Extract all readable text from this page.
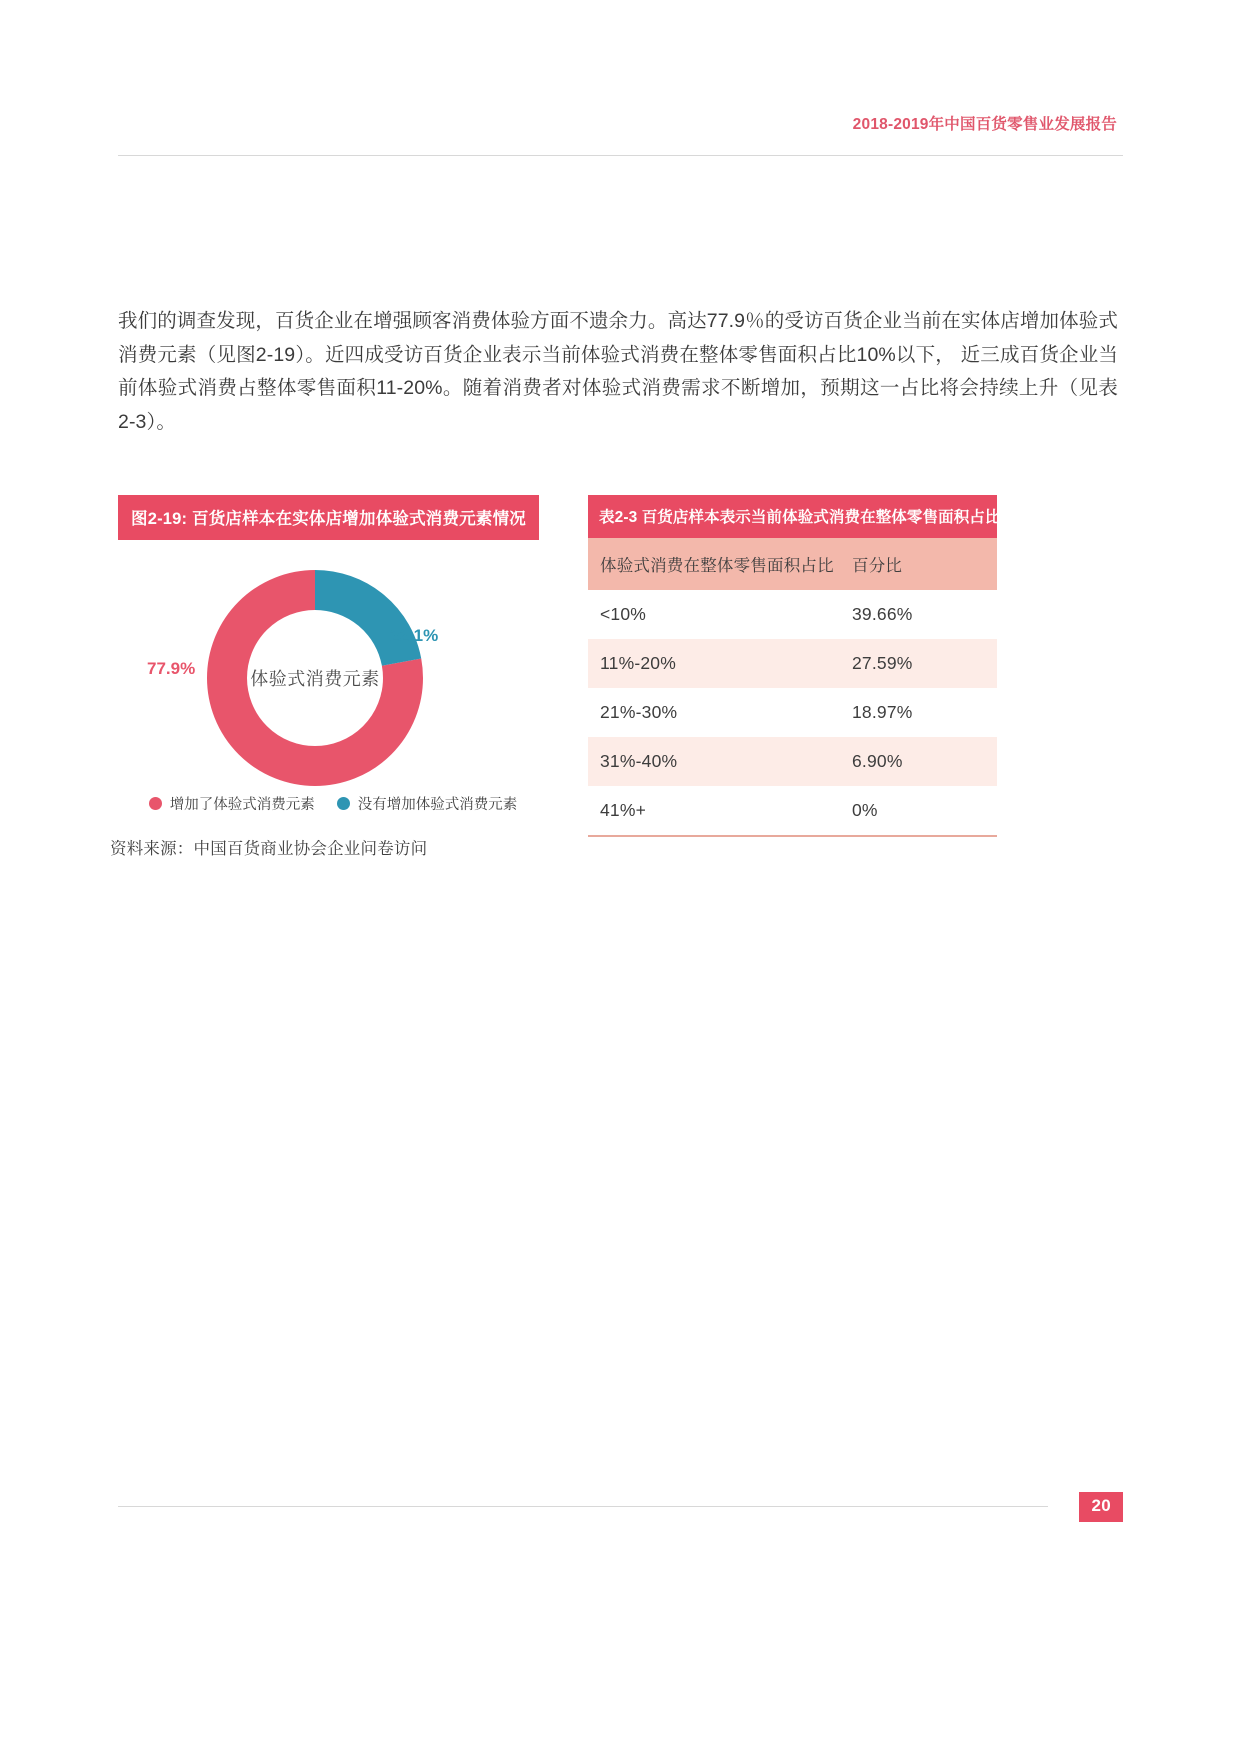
2018-2019年中国百货零售业发展报告

我们的调查发现，百货企业在增强顾客消费体验方面不遗余力。高达77.9％的受访百货企业当前在实体店增加体验式消费元素（见图2-19）。近四成受访百货企业表示当前体验式消费在整体零售面积占比10%以下， 近三成百货企业当前体验式消费占整体零售面积11-20%。随着消费者对体验式消费需求不断增加，预期这一占比将会持续上升（见表2-3）。

图2-19: 百货店样本在实体店增加体验式消费元素情况
体验式消费元素
77.9%
22.1%
增加了体验式消费元素	没有增加体验式消费元素
资料来源：中国百货商业协会企业问卷访问
表2-3 百货店样本表示当前体验式消费在整体零售面积占比
体验式消费在整体零售面积占比	百分比
<10%	39.66%
11%-20%	27.59%
21%-30%	18.97%
31%-40%	6.90%
41%+	0%
20
